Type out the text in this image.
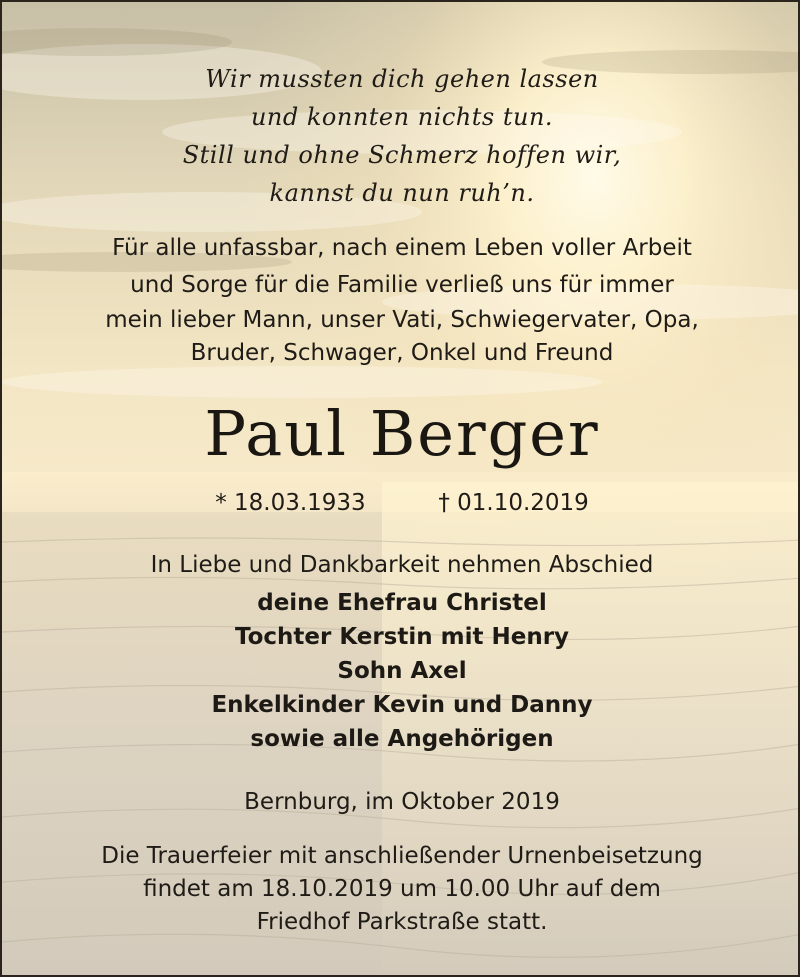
Wir mussten dich gehen lassen
und konnten nichts tun.
Still und ohne Schmerz hoffen wir,
kannst du nun ruh’n.
Für alle unfassbar, nach einem Leben voller Arbeit
und Sorge für die Familie verließ uns für immer
mein lieber Mann, unser Vati, Schwiegervater, Opa,
Bruder, Schwager, Onkel und Freund
Paul Berger
* 18.03.1933	† 01.10.2019
In Liebe und Dankbarkeit nehmen Abschied
deine Ehefrau Christel
Tochter Kerstin mit Henry
Sohn Axel
Enkelkinder Kevin und Danny
sowie alle Angehörigen
Bernburg, im Oktober 2019
Die Trauerfeier mit anschließender Urnenbeisetzung
findet am 18.10.2019 um 10.00 Uhr auf dem
Friedhof Parkstraße statt.
